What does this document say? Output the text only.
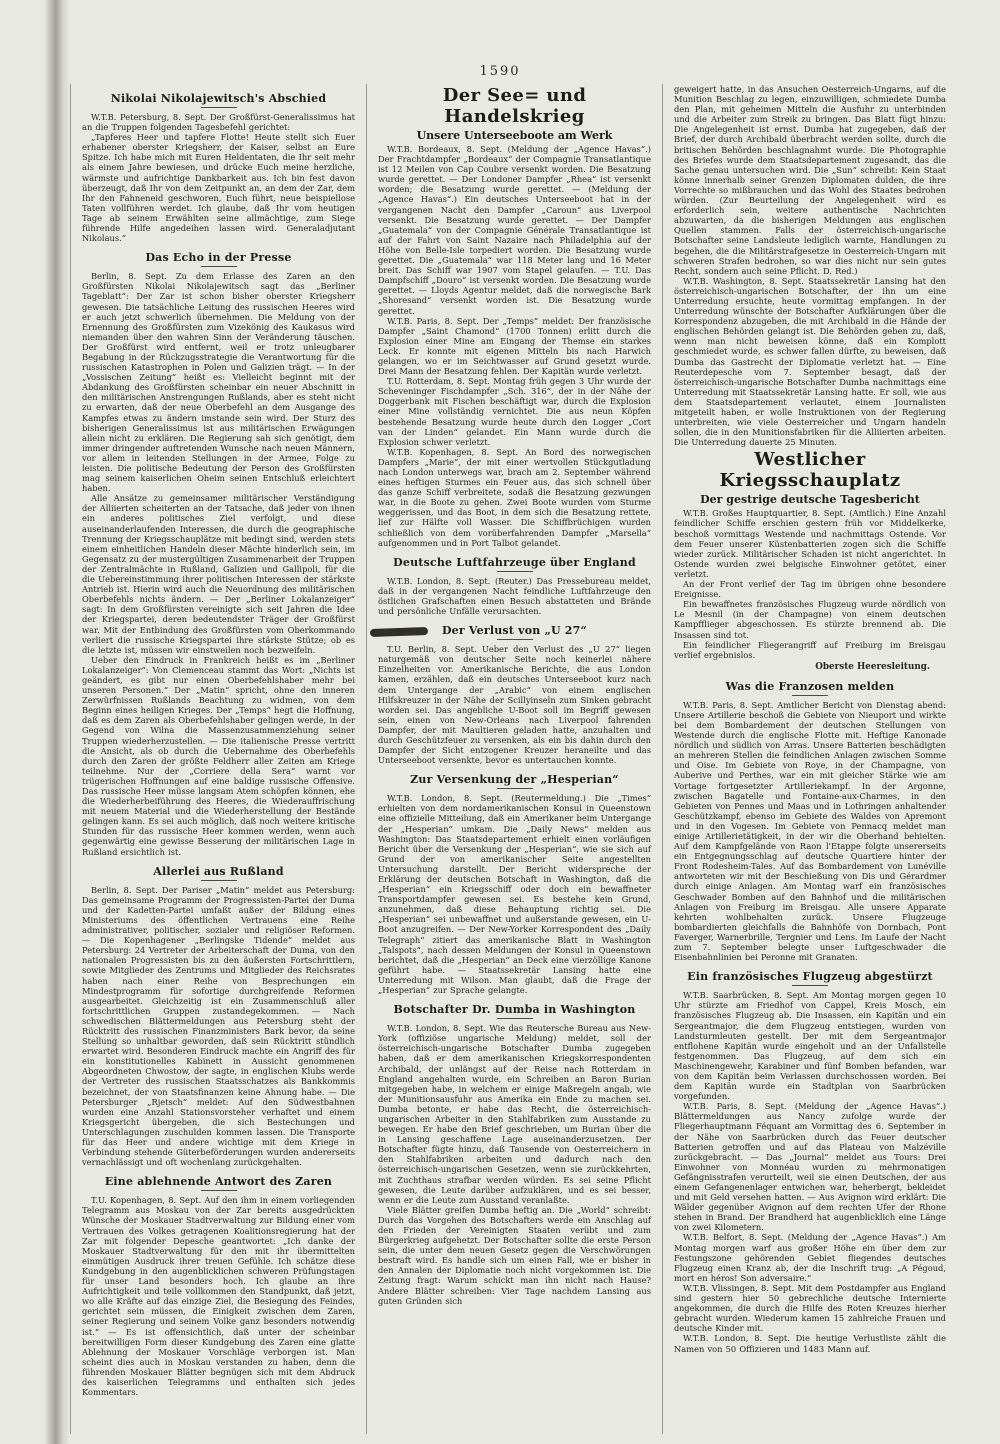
1590
Nikolai Nikolajewitsch's Abschied

W.T.B. Petersburg, 8. Sept. Der Großfürst-Generalissimus hat an die Truppen folgenden Tagesbefehl gerichtet:

„Tapferes Heer und tapfere Flotte! Heute stellt sich Euer erhabener oberster Kriegsherr, der Kaiser, selbst an Eure Spitze. Ich habe mich mit Euren Heldentaten, die Ihr seit mehr als einem Jahre bewiesen, und drücke Euch meine herzliche, wärmste und aufrichtige Dankbarkeit aus. Ich bin fest davon überzeugt, daß Ihr von dem Zeitpunkt an, an dem der Zar, dem Ihr den Fahneneid geschworen, Euch führt, neue beispiellose Taten vollführen werdet. Ich glaube, daß Ihr vom heutigen Tage ab seinem Erwählten seine allmächtige, zum Siege führende Hilfe angedeihen lassen wird. Generaladjutant Nikolaus.“

Das Echo in der Presse

Berlin, 8. Sept. Zu dem Erlasse des Zaren an den Großfürsten Nikolai Nikolajewitsch sagt das „Berliner Tageblatt“: Der Zar ist schon bisher oberster Kriegsherr gewesen. Die tatsächliche Leitung des russischen Heeres wird er auch jetzt schwerlich übernehmen. Die Meldung von der Ernennung des Großfürsten zum Vizekönig des Kaukasus wird niemanden über den wahren Sinn der Veränderung täuschen. Der Großfürst wird entfernt, weil er trotz unleugbarer Begabung in der Rückzugsstrategie die Verantwortung für die russischen Katastrophen in Polen und Galizien trägt. — In der „Vossischen Zeitung“ heißt es: Vielleicht beginnt mit der Abdankung des Großfürsten scheinbar ein neuer Abschnitt in den militärischen Anstrengungen Rußlands, aber es steht nicht zu erwarten, daß der neue Oberbefehl an dem Ausgange des Kampfes etwas zu ändern imstande sein wird. Der Sturz des bisherigen Generalissimus ist aus militärischen Erwägungen allein nicht zu erklären. Die Regierung sah sich genötigt, dem immer dringender auftretenden Wunsche nach neuen Männern, vor allem in leitenden Stellungen in der Armee, Folge zu leisten. Die politische Bedeutung der Person des Großfürsten mag seinem kaiserlichen Oheim seinen Entschluß erleichtert haben.

Alle Ansätze zu gemeinsamer militärischer Verständigung der Alliierten scheiterten an der Tatsache, daß jeder von ihnen ein anderes politisches Ziel verfolgt, und diese auseinanderlaufenden Interessen, die durch die geographische Trennung der Kriegsschauplätze mit bedingt sind, werden stets einem einheitlichen Handeln dieser Mächte hinderlich sein, im Gegensatz zu der mustergültigen Zusammenarbeit der Truppen der Zentralmächte in Rußland, Galizien und Gallipoli, für die die Uebereinstimmung ihrer politischen Interessen der stärkste Antrieb ist. Hierin wird auch die Neuordnung des militärischen Oberbefehls nichts ändern. — Der „Berliner Lokalanzeiger“ sagt: In dem Großfürsten vereinigte sich seit Jahren die Idee der Kriegspartei, deren bedeutendster Träger der Großfürst war. Mit der Entbindung des Großfürsten vom Oberkommando verliert die russische Kriegspartei ihre stärkste Stütze; ob es die letzte ist, müssen wir einstweilen noch bezweifeln.

Ueber den Eindruck in Frankreich heißt es im „Berliner Lokalanzeiger“: Von Clemenceau stammt das Wort: „Nichts ist geändert, es gibt nur einen Oberbefehlshaber mehr bei unseren Personen.“ Der „Matin“ spricht, ohne den inneren Zerwürfnissen Rußlands Beachtung zu widmen, von dem Beginn eines heiligen Krieges. Der „Temps“ hegt die Hoffnung, daß es dem Zaren als Oberbefehlshaber gelingen werde, in der Gegend von Wilna die Massenzusammenziehung seiner Truppen wiederherzustellen. — Die italienische Presse vertritt die Ansicht, als ob durch die Uebernahme des Oberbefehls durch den Zaren der größte Feldherr aller Zeiten am Kriege teilnehme. Nur der „Corriere della Sera“ warnt vor trügerischen Hoffnungen auf eine baldige russische Offensive. Das russische Heer müsse langsam Atem schöpfen können, ehe die Wiederherbeiführung des Heeres, die Wiederauffrischung mit neuem Material und die Wiederherstellung der Bestände gelingen kann. Es sei auch möglich, daß noch weitere kritische Stunden für das russische Heer kommen werden, wenn auch gegenwärtig eine gewisse Besserung der militärischen Lage in Rußland ersichtlich ist.

Allerlei aus Rußland

Berlin, 8. Sept. Der Pariser „Matin“ meldet aus Petersburg: Das gemeinsame Programm der Progressisten-Partei der Duma und der Kadetten-Partei umfaßt außer der Bildung eines Ministeriums des öffentlichen Vertrauens eine Reihe administrativer, politischer, sozialer und religiöser Reformen. — Die Kopenhagener „Berlingske Tidende“ meldet aus Petersburg: 24 Vertreter der Arbeiterschaft der Duma, von den nationalen Progressisten bis zu den äußersten Fortschrittlern, sowie Mitglieder des Zentrums und Mitglieder des Reichsrates haben nach einer Reihe von Besprechungen ein Mindestprogramm für sofortige durchgreifende Reformen ausgearbeitet. Gleichzeitig ist ein Zusammenschluß aller fortschrittlichen Gruppen zustandegekommen. — Nach schwedischen Blättermeldungen aus Petersburg steht der Rücktritt des russischen Finanzministers Bark bevor, da seine Stellung so unhaltbar geworden, daß sein Rücktritt stündlich erwartet wird. Besonderen Eindruck machte ein Angriff des für ein konstitutionelles Kabinett in Aussicht genommenen Abgeordneten Chwostow, der sagte, in englischen Klubs werde der Vertreter des russischen Staatsschatzes als Bankkommis bezeichnet, der von Staatsfinanzen keine Ahnung habe. — Die Petersburger „Rjetsch“ meldet: Auf den Südwestbahnen wurden eine Anzahl Stationsvorsteher verhaftet und einem Kriegsgericht übergeben, die sich Bestechungen und Unterschlagungen zuschulden kommen lassen. Die Transporte für das Heer und andere wichtige mit dem Kriege in Verbindung stehende Güterbeförderungen wurden andererseits vernachlässigt und oft wochenlang zurückgehalten.

Eine ablehnende Antwort des Zaren

T.U. Kopenhagen, 8. Sept. Auf den ihm in einem vorliegenden Telegramm aus Moskau von der Zar bereits ausgedrückten Wünsche der Moskauer Stadtverwaltung zur Bildung einer vom Vertrauen des Volkes getragenen Koalitionsregierung hat der Zar mit folgender Depesche geantwortet: „Ich danke der Moskauer Stadtverwaltung für den mit ihr übermittelten einmütigen Ausdruck ihrer treuen Gefühle. Ich schätze diese Kundgebung in den augenblicklichen schweren Prüfungstagen für unser Land besonders hoch. Ich glaube an ihre Aufrichtigkeit und teile vollkommen den Standpunkt, daß jetzt, wo alle Kräfte auf das einzige Ziel, die Besiegung des Feindes, gerichtet sein müssen, die Einigkeit zwischen dem Zaren, seiner Regierung und seinem Volke ganz besonders notwendig ist.“ — Es ist offensichtlich, daß unter der scheinbar bereitwilligen Form dieser Kundgebung des Zaren eine glatte Ablehnung der Moskauer Vorschläge verborgen ist. Man scheint dies auch in Moskau verstanden zu haben, denn die führenden Moskauer Blätter begnügen sich mit dem Abdruck des kaiserlichen Telegramms und enthalten sich jedes Kommentars.

Der See= und Handelskrieg
Unsere Unterseeboote am Werk

W.T.B. Bordeaux, 8. Sept. (Meldung der „Agence Havas“.) Der Frachtdampfer „Bordeaux“ der Compagnie Transatlantique ist 12 Meilen von Cap Coubre versenkt worden. Die Besatzung wurde gerettet. — Der Londoner Dampfer „Rhea“ ist versenkt worden; die Besatzung wurde gerettet. — (Meldung der „Agence Havas“.) Ein deutsches Unterseeboot hat in der vergangenen Nacht den Dampfer „Caroun“ aus Liverpool versenkt. Die Besatzung wurde gerettet. — Der Dampfer „Guatemala“ von der Compagnie Générale Transatlantique ist auf der Fahrt von Saint Nazaire nach Philadelphia auf der Höhe von Belle-Isle torpediert worden. Die Besatzung wurde gerettet. Die „Guatemala“ war 118 Meter lang und 16 Meter breit. Das Schiff war 1907 vom Stapel gelaufen. — T.U. Das Dampfschiff „Douro“ ist versenkt worden. Die Besatzung wurde gerettet. — Lloyds Agentur meldet, daß die norwegische Bark „Shoresand“ versenkt worden ist. Die Besatzung wurde gerettet.

W.T.B. Paris, 8. Sept. Der „Temps“ meldet: Der französische Dampfer „Saint Chamond“ (1700 Tonnen) erlitt durch die Explosion einer Mine am Eingang der Themse ein starkes Leck. Er konnte mit eigenen Mitteln bis nach Harwich gelangen, wo er im Seichtwasser auf Grund gesetzt wurde. Drei Mann der Besatzung fehlen. Der Kapitän wurde verletzt.

T.U. Rotterdam, 8. Sept. Montag früh gegen 3 Uhr wurde der Scheveninger Fischdampfer „Sch. 316“, der in der Nähe der Doggerbank mit Fischen beschäftigt war, durch die Explosion einer Mine vollständig vernichtet. Die aus neun Köpfen bestehende Besatzung wurde heute durch den Logger „Cort van der Linden“ gelandet. Ein Mann wurde durch die Explosion schwer verletzt.

W.T.B. Kopenhagen, 8. Sept. An Bord des norwegischen Dampfers „Marie“, der mit einer wertvollen Stückgutladung nach London unterwegs war, brach am 2. September während eines heftigen Sturmes ein Feuer aus, das sich schnell über das ganze Schiff verbreitete, sodaß die Besatzung gezwungen war, in die Boote zu gehen. Zwei Boote wurden vom Sturme weggerissen, und das Boot, in dem sich die Besatzung rettete, lief zur Hälfte voll Wasser. Die Schiffbrüchigen wurden schließlich von dem vorüberfahrenden Dampfer „Marsella“ aufgenommen und in Port Talbot gelandet.

Deutsche Luftfahrzeuge über England

W.T.B. London, 8. Sept. (Reuter.) Das Pressebureau meldet, daß in der vergangenen Nacht feindliche Luftfahrzeuge den östlichen Grafschaften einen Besuch abstatteten und Brände und persönliche Unfälle verursachten.

Der Verlust von „U 27“

T.U. Berlin, 8. Sept. Ueber den Verlust des „U 27“ liegen naturgemäß von deutscher Seite noch keinerlei nähere Einzelheiten vor. Amerikanische Berichte, die aus London kamen, erzählen, daß ein deutsches Unterseeboot kurz nach dem Untergange der „Arabic“ von einem englischen Hilfskreuzer in der Nähe der Scillyinseln zum Sinken gebracht worden sei. Das angebliche U-Boot soll im Begriff gewesen sein, einen von New-Orleans nach Liverpool fahrenden Dampfer, der mit Maultieren geladen hatte, anzuhalten und durch Geschützfeuer zu versenken, als ein bis dahin durch den Dampfer der Sicht entzogener Kreuzer heraneilte und das Unterseeboot versenkte, bevor es untertauchen konnte.

Zur Versenkung der „Hesperian“

W.T.B. London, 8. Sept. (Reutermeldung.) Die „Times“ erhielten von dem nordamerikanischen Konsul in Queenstown eine offizielle Mitteilung, daß ein Amerikaner beim Untergange der „Hesperian“ umkam. Die „Daily News“ melden aus Washington: Das Staatsdepartement erhielt einen vorläufigen Bericht über die Versenkung der „Hesperian“, wie sie sich auf Grund der von amerikanischer Seite angestellten Untersuchung darstellt. Der Bericht widerspreche der Erklärung der deutschen Botschaft in Washington, daß die „Hesperian“ ein Kriegsschiff oder doch ein bewaffneter Transportdampfer gewesen sei. Es bestehe kein Grund, anzunehmen, daß diese Behauptung richtig sei. Die „Hesperian“ sei unbewaffnet und außerstande gewesen, ein U-Boot anzugreifen. — Der New-Yorker Korrespondent des „Daily Telegraph“ zitiert das amerikanische Blatt in Washington „Talspots“, nach dessen Meldungen der Konsul in Queenstown berichtet, daß die „Hesperian“ an Deck eine vierzöllige Kanone geführt habe. — Staatssekretär Lansing hatte eine Unterredung mit Wilson. Man glaubt, daß die Frage der „Hesperian“ zur Sprache gelangte.

Botschafter Dr. Dumba in Washington

W.T.B. London, 8. Sept. Wie das Reutersche Bureau aus New-York (offiziöse ungarische Meldung) meldet, soll der österreichisch-ungarische Botschafter Dumba zugegeben haben, daß er dem amerikanischen Kriegskorrespondenten Archibald, der unlängst auf der Reise nach Rotterdam in England angehalten wurde, ein Schreiben an Baron Burian mitgegeben habe, in welchem er einige Maßregeln angab, wie der Munitionsausfuhr aus Amerika ein Ende zu machen sei. Dumba betonte, er habe das Recht, die österreichisch-ungarischen Arbeiter in den Stahlfabriken zum Ausstande zu bewegen. Er habe den Brief geschrieben, um Burian über die in Lansing geschaffene Lage auseinanderzusetzen. Der Botschafter fügte hinzu, daß Tausende von Oesterreichern in den Stahlfabriken arbeiten und dadurch nach den österreichisch-ungarischen Gesetzen, wenn sie zurückkehrten, mit Zuchthaus strafbar werden würden. Es sei seine Pflicht gewesen, die Leute darüber aufzuklären, und es sei besser, wenn er die Leute zum Ausstand veranlaßte.

Viele Blätter greifen Dumba heftig an. Die „World“ schreibt: Durch das Vorgehen des Botschafters werde ein Anschlag auf den Frieden der Vereinigten Staaten verübt und zum Bürgerkrieg aufgehetzt. Der Botschafter sollte die erste Person sein, die unter dem neuen Gesetz gegen die Verschwörungen bestraft wird. Es handle sich um einen Fall, wie er bisher in den Annalen der Diplomatie noch nicht vorgekommen ist. Die Zeitung fragt: Warum schickt man ihn nicht nach Hause? Andere Blätter schreiben: Vier Tage nachdem Lansing aus guten Gründen sich

geweigert hatte, in das Ansuchen Oesterreich-Ungarns, auf die Munition Beschlag zu legen, einzuwilligen, schmiedete Dumba den Plan, mit geheimen Mitteln die Ausfuhr zu unterbinden und die Arbeiter zum Streik zu bringen. Das Blatt fügt hinzu: Die Angelegenheit ist ernst. Dumba hat zugegeben, daß der Brief, der durch Archibald überbracht werden sollte, durch die britischen Behörden beschlagnahmt wurde. Die Photographie des Briefes wurde dem Staatsdepartement zugesandt, das die Sache genau untersuchen wird. Die „Sun“ schreibt: Kein Staat könne innerhalb seiner Grenzen Diplomaten dulden, die ihre Vorrechte so mißbrauchen und das Wohl des Staates bedrohen würden. (Zur Beurteilung der Angelegenheit wird es erforderlich sein, weitere authentische Nachrichten abzuwarten, da die bisherigen Meldungen aus englischen Quellen stammen. Falls der österreichisch-ungarische Botschafter seine Landsleute lediglich warnte, Handlungen zu begehen, die die Militärstrafgesetze in Oesterreich-Ungarn mit schweren Strafen bedrohen, so war dies nicht nur sein gutes Recht, sondern auch seine Pflicht. D. Red.)

W.T.B. Washington, 8. Sept. Staatssekretär Lansing hat den österreichisch-ungarischen Botschafter, der ihn um eine Unterredung ersuchte, heute vormittag empfangen. In der Unterredung wünschte der Botschafter Aufklärungen über die Korrespondenz abzugeben, die mit Archibald in die Hände der englischen Behörden gelangt ist. Die Behörden geben zu, daß, wenn man nicht beweisen könne, daß ein Komplott geschmiedet wurde, es schwer fallen dürfte, zu beweisen, daß Dumba das Gastrecht der Diplomatie verletzt hat. — Eine Reuterdepesche vom 7. September besagt, daß der österreichisch-ungarische Botschafter Dumba nachmittags eine Unterredung mit Staatssekretär Lansing hatte. Er soll, wie aus dem Staatsdepartement verlautet, einem Journalisten mitgeteilt haben, er wolle Instruktionen von der Regierung unterbreiten, wie viele Oesterreicher und Ungarn handeln sollen, die in den Munitionsfabriken für die Alliierten arbeiten. Die Unterredung dauerte 25 Minuten.

Westlicher Kriegsschauplatz
Der gestrige deutsche Tagesbericht

W.T.B. Großes Hauptquartier, 8. Sept. (Amtlich.) Eine Anzahl feindlicher Schiffe erschien gestern früh vor Middelkerke, beschoß vormittags Westende und nachmittags Ostende. Vor dem Feuer unserer Küstenbatterien zogen sich die Schiffe wieder zurück. Militärischer Schaden ist nicht angerichtet. In Ostende wurden zwei belgische Einwohner getötet, einer verletzt.

An der Front verlief der Tag im übrigen ohne besondere Ereignisse.

Ein bewaffnetes französisches Flugzeug wurde nördlich von Le Mesnil (in der Champagne) von einem deutschen Kampfflieger abgeschossen. Es stürzte brennend ab. Die Insassen sind tot.

Ein feindlicher Fliegerangriff auf Freiburg im Breisgau verlief ergebnislos.

Oberste Heeresleitung.
Was die Franzosen melden

W.T.B. Paris, 8. Sept. Amtlicher Bericht von Dienstag abend: Unsere Artillerie beschoß die Gebiete von Nieuport und wirkte bei dem Bombardement der deutschen Stellungen von Westende durch die englische Flotte mit. Heftige Kanonade nördlich und südlich von Arras. Unsere Batterien beschädigten an mehreren Stellen die feindlichen Anlagen zwischen Somme und Oise. Im Gebiete von Roye, in der Champagne, von Auberive und Perthes, war ein mit gleicher Stärke wie am Vortage fortgesetzter Artilleriekampf. In der Argonne, zwischen Bagatelle und Fontaine-aux-Charmes, in den Gebieten von Pennes und Maas und in Lothringen anhaltender Geschützkampf, ebenso im Gebiete des Waldes von Apremont und in den Vogesen. Im Gebiete von Pennacq meldet man einige Artillerietätigkeit, in der wir die Oberhand behielten. Auf dem Kampfgelände von Raon l'Etappe folgte unsererseits ein Entgegnungsschlag auf deutsche Quartiere hinter der Front Rodesheim-Tales. Auf das Bombardement von Lunéville antworteten wir mit der Beschießung von Dis und Gérardmer durch einige Anlagen. Am Montag warf ein französisches Geschwader Bomben auf den Bahnhof und die militärischen Anlagen von Freiburg im Breisgau. Alle unsere Apparate kehrten wohlbehalten zurück. Unsere Flugzeuge bombardierten gleichfalls die Bahnhöfe von Dornbach, Pont Faverger, Warnerbrille, Tergnier und Lens. Im Laufe der Nacht zum 7. September belegte unser Luftgeschwader die Eisenbahnlinien bei Peronne mit Granaten.

Ein französisches Flugzeug abgestürzt

W.T.B. Saarbrücken, 8. Sept. Am Montag morgen gegen 10 Uhr stürzte am Friedhof von Cappel, Kreis Mosch, ein französisches Flugzeug ab. Die Insassen, ein Kapitän und ein Sergeantmajor, die dem Flugzeug entstiegen, wurden von Landsturmleuten gestellt. Der mit dem Sergeantmajor entflohene Kapitän wurde eingeholt und an der Unfallstelle festgenommen. Das Flugzeug, auf dem sich ein Maschinengewehr, Karabiner und fünf Bomben befanden, war von dem Kapitän beim Verlassen durchschossen worden. Bei dem Kapitän wurde ein Stadtplan von Saarbrücken vorgefunden.

W.T.B. Paris, 8. Sept. (Meldung der „Agence Havas“.) Blättermeldungen aus Nancy zufolge wurde der Fliegerhauptmann Féquant am Vormittag des 6. September in der Nähe von Saarbrücken durch das Feuer deutscher Batterien getroffen und auf das Plateau von Malzéville zurückgebracht. — Das „Journal“ meldet aus Tours: Drei Einwohner von Monnéau wurden zu mehrmonatigen Gefängnisstrafen verurteilt, weil sie einen Deutschen, der aus einem Gefangenenlager entwichen war, beherbergt, bekleidet und mit Geld versehen hatten. — Aus Avignon wird erklärt: Die Wälder gegenüber Avignon auf dem rechten Ufer der Rhone stehen in Brand. Der Brandherd hat augenblicklich eine Länge von zwei Kilometern.

W.T.B. Belfort, 8. Sept. (Meldung der „Agence Havas“.) Am Montag morgen warf aus großer Höhe ein über dem zur Festungszone gehörenden Gebiet fliegendes deutsches Flugzeug einen Kranz ab, der die Inschrift trug: „A Pégoud, mort en héros! Son adversaire.“

W.T.B. Vlissingen, 8. Sept. Mit dem Postdampfer aus England sind gestern hier 50 gebrechliche deutsche Internierte angekommen, die durch die Hilfe des Roten Kreuzes hierher gebracht wurden. Wiederum kamen 15 zahlreiche Frauen und deutsche Kinder mit.

W.T.B. London, 8. Sept. Die heutige Verlustliste zählt die Namen von 50 Offizieren und 1483 Mann auf.
